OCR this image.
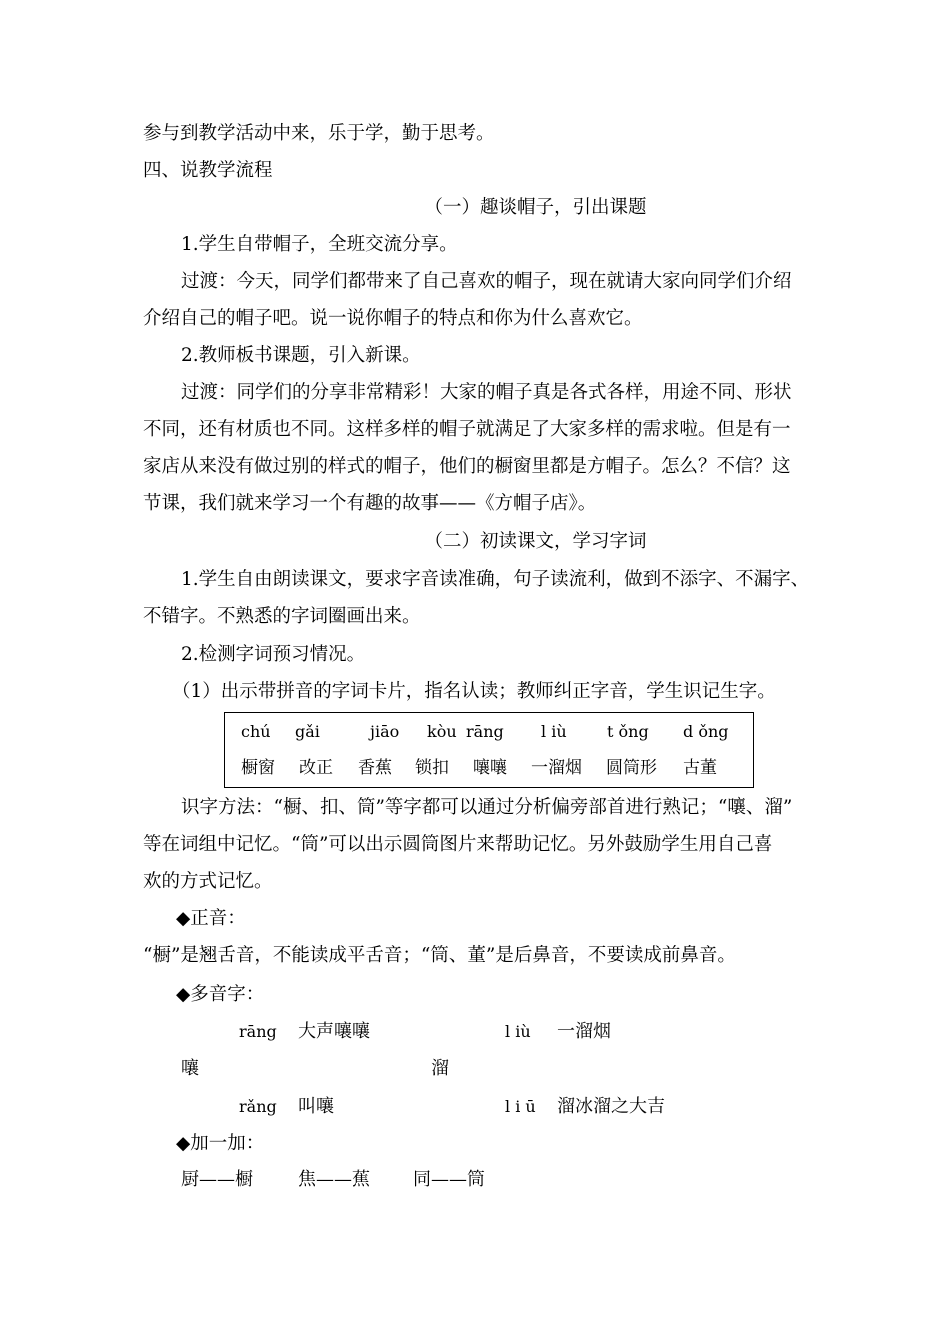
参与到教学活动中来，乐于学，勤于思考。
四、说教学流程
（一）趣谈帽子，引出课题
1.学生自带帽子，全班交流分享。
过渡：今天，同学们都带来了自己喜欢的帽子，现在就请大家向同学们介绍
介绍自己的帽子吧。说一说你帽子的特点和你为什么喜欢它。
2.教师板书课题，引入新课。
过渡：同学们的分享非常精彩！大家的帽子真是各式各样，用途不同、形状
不同，还有材质也不同。这样多样的帽子就满足了大家多样的需求啦。但是有一
家店从来没有做过别的样式的帽子，他们的橱窗里都是方帽子。怎么？不信？这
节课，我们就来学习一个有趣的故事——《方帽子店》。
（二）初读课文，学习字词
1.学生自由朗读课文，要求字音读准确，句子读流利，做到不添字、不漏字、
不错字。不熟悉的字词圈画出来。
2.检测字词预习情况。
（1）出示带拼音的字词卡片，指名认读；教师纠正字音，学生识记生字。
chú gǎi	jiāo kòu rāng l iù	t ǒng d ǒng
橱窗 改正 香蕉 锁扣 嚷嚷 一溜烟 圆筒形 古董
识字方法：“橱、扣、筒”等字都可以通过分析偏旁部首进行熟记；“嚷、溜”
等在词组中记忆。“筒”可以出示圆筒图片来帮助记忆。另外鼓励学生用自己喜
欢的方式记忆。
◆正音：
“橱”是翘舌音，不能读成平舌音；“筒、董”是后鼻音，不要读成前鼻音。
◆多音字：
rāng 大声嚷嚷	l iù 一溜烟
嚷	溜
rǎng 叫嚷	l i ū 溜冰溜之大吉
◆加一加：
厨——橱	焦——蕉 同——筒
